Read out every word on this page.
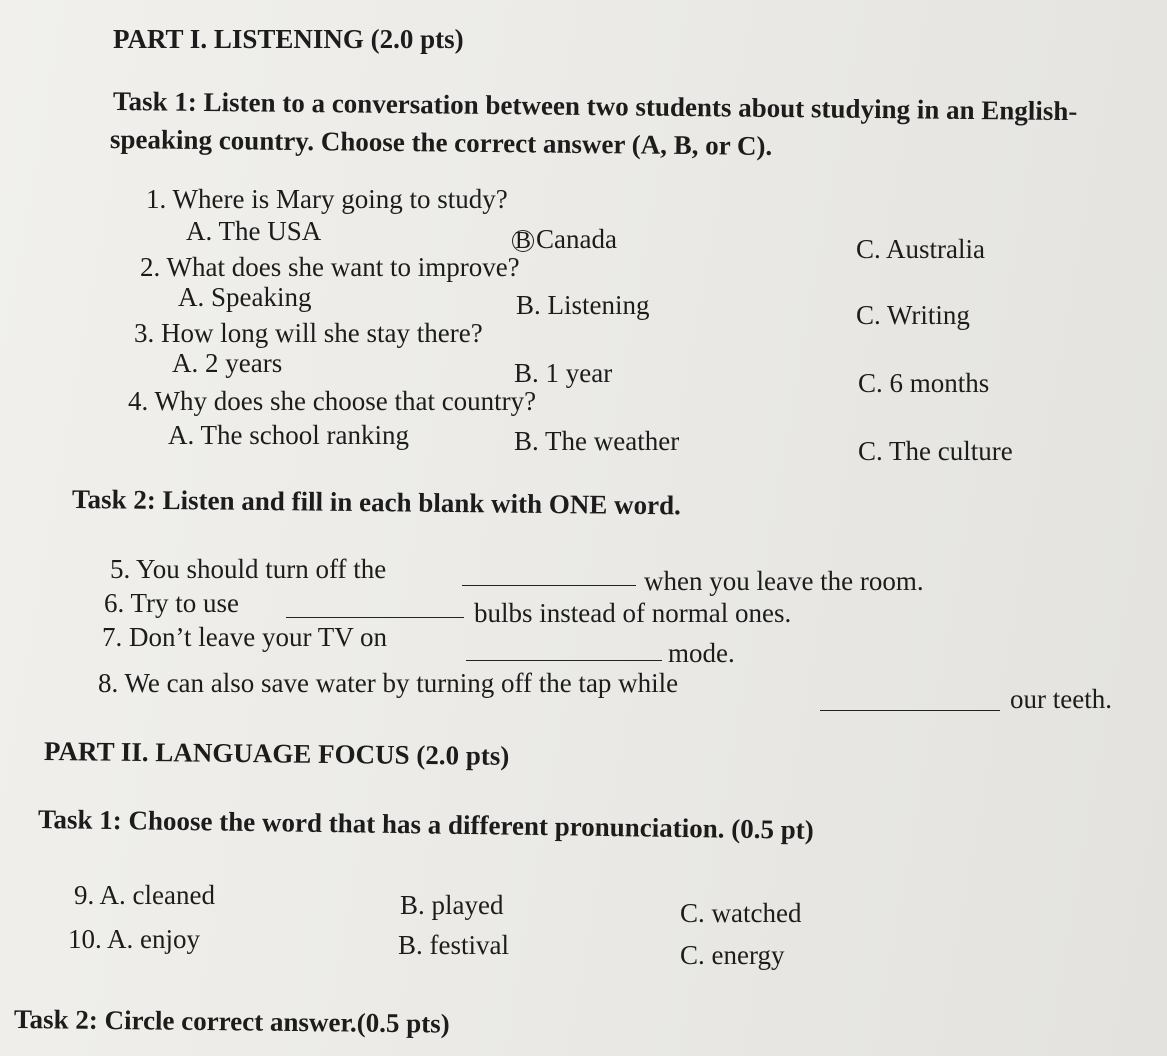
PART I. LISTENING (2.0 pts)
Task 1: Listen to a conversation between two students about studying in an English-
speaking country. Choose the correct answer (A, B, or C).
1. Where is Mary going to study?
A. The USA	B Canada	C. Australia
2. What does she want to improve?
A. Speaking	B. Listening	C. Writing
3. How long will she stay there?
A. 2 years	B. 1 year	C. 6 months
4. Why does she choose that country?
A. The school ranking	B. The weather	C. The culture
Task 2: Listen and fill in each blank with ONE word.
5. You should turn off the	when you leave the room.
6. Try to use	bulbs instead of normal ones.
7. Don’t leave your TV on
mode.
8. We can also save water by turning off the tap while
our teeth.
PART II. LANGUAGE FOCUS (2.0 pts)
Task 1: Choose the word that has a different pronunciation. (0.5 pt)
9. A. cleaned	B. played	C. watched
10. A. enjoy	B. festival	C. energy
Task 2: Circle correct answer.(0.5 pts)
